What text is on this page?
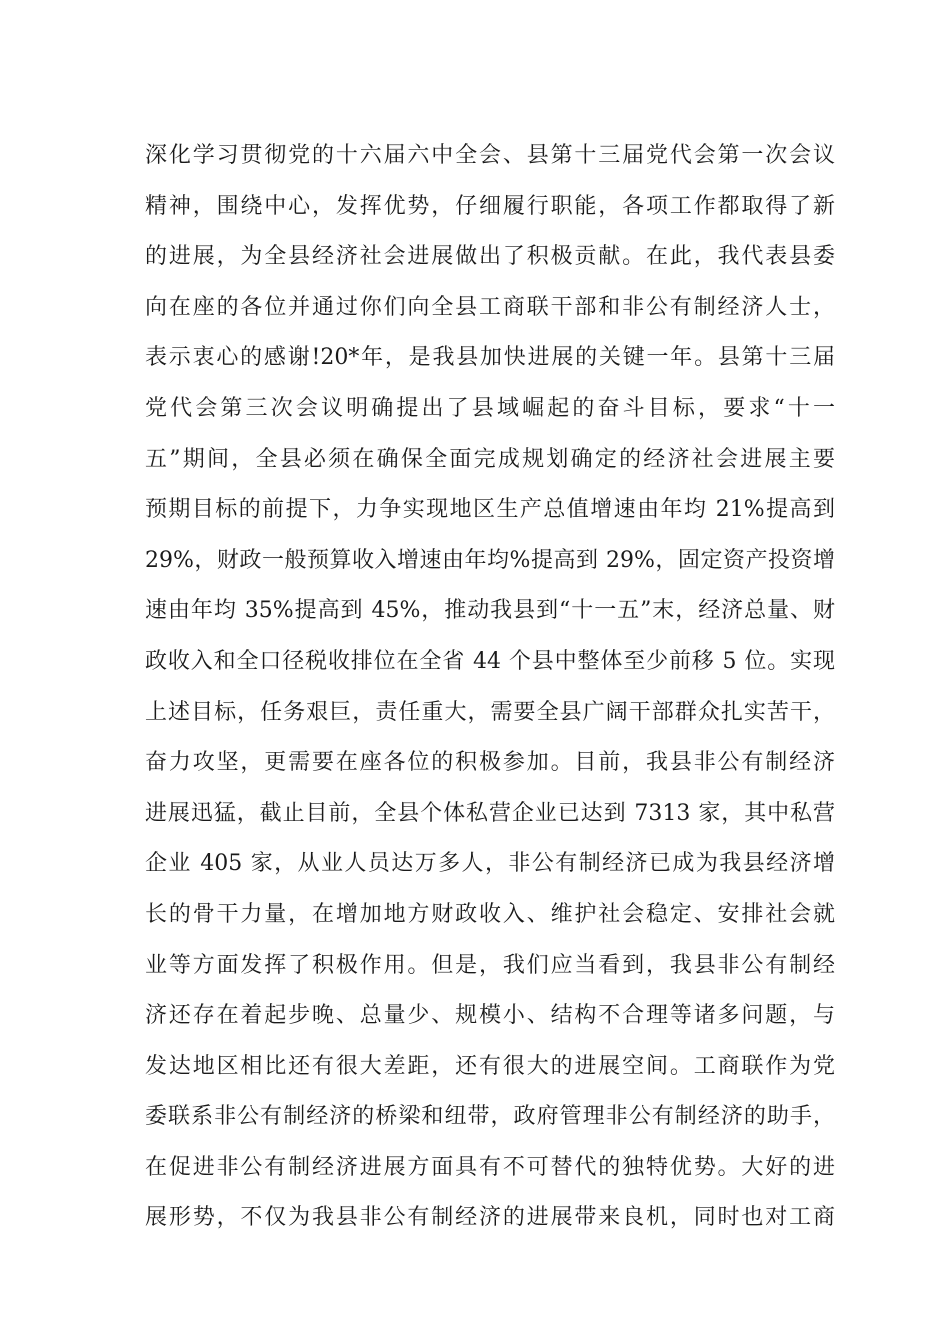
深化学习贯彻党的十六届六中全会、县第十三届党代会第一次会议
精神，围绕中心，发挥优势，仔细履行职能，各项工作都取得了新
的进展，为全县经济社会进展做出了积极贡献。在此，我代表县委
向在座的各位并通过你们向全县工商联干部和非公有制经济人士，
表示衷心的感谢!20*年，是我县加快进展的关键一年。县第十三届
党代会第三次会议明确提出了县域崛起的奋斗目标，要求“十一
五”期间，全县必须在确保全面完成规划确定的经济社会进展主要
预期目标的前提下，力争实现地区生产总值增速由年均 21%提高到
29%，财政一般预算收入增速由年均%提高到 29%，固定资产投资增
速由年均 35%提高到 45%，推动我县到“十一五”末，经济总量、财
政收入和全口径税收排位在全省 44 个县中整体至少前移 5 位。实现
上述目标，任务艰巨，责任重大，需要全县广阔干部群众扎实苦干，
奋力攻坚，更需要在座各位的积极参加。目前，我县非公有制经济
进展迅猛，截止目前，全县个体私营企业已达到 7313 家，其中私营
企业 405 家，从业人员达万多人，非公有制经济已成为我县经济增
长的骨干力量，在增加地方财政收入、维护社会稳定、安排社会就
业等方面发挥了积极作用。但是，我们应当看到，我县非公有制经
济还存在着起步晚、总量少、规模小、结构不合理等诸多问题，与
发达地区相比还有很大差距，还有很大的进展空间。工商联作为党
委联系非公有制经济的桥梁和纽带，政府管理非公有制经济的助手，
在促进非公有制经济进展方面具有不可替代的独特优势。大好的进
展形势，不仅为我县非公有制经济的进展带来良机，同时也对工商
